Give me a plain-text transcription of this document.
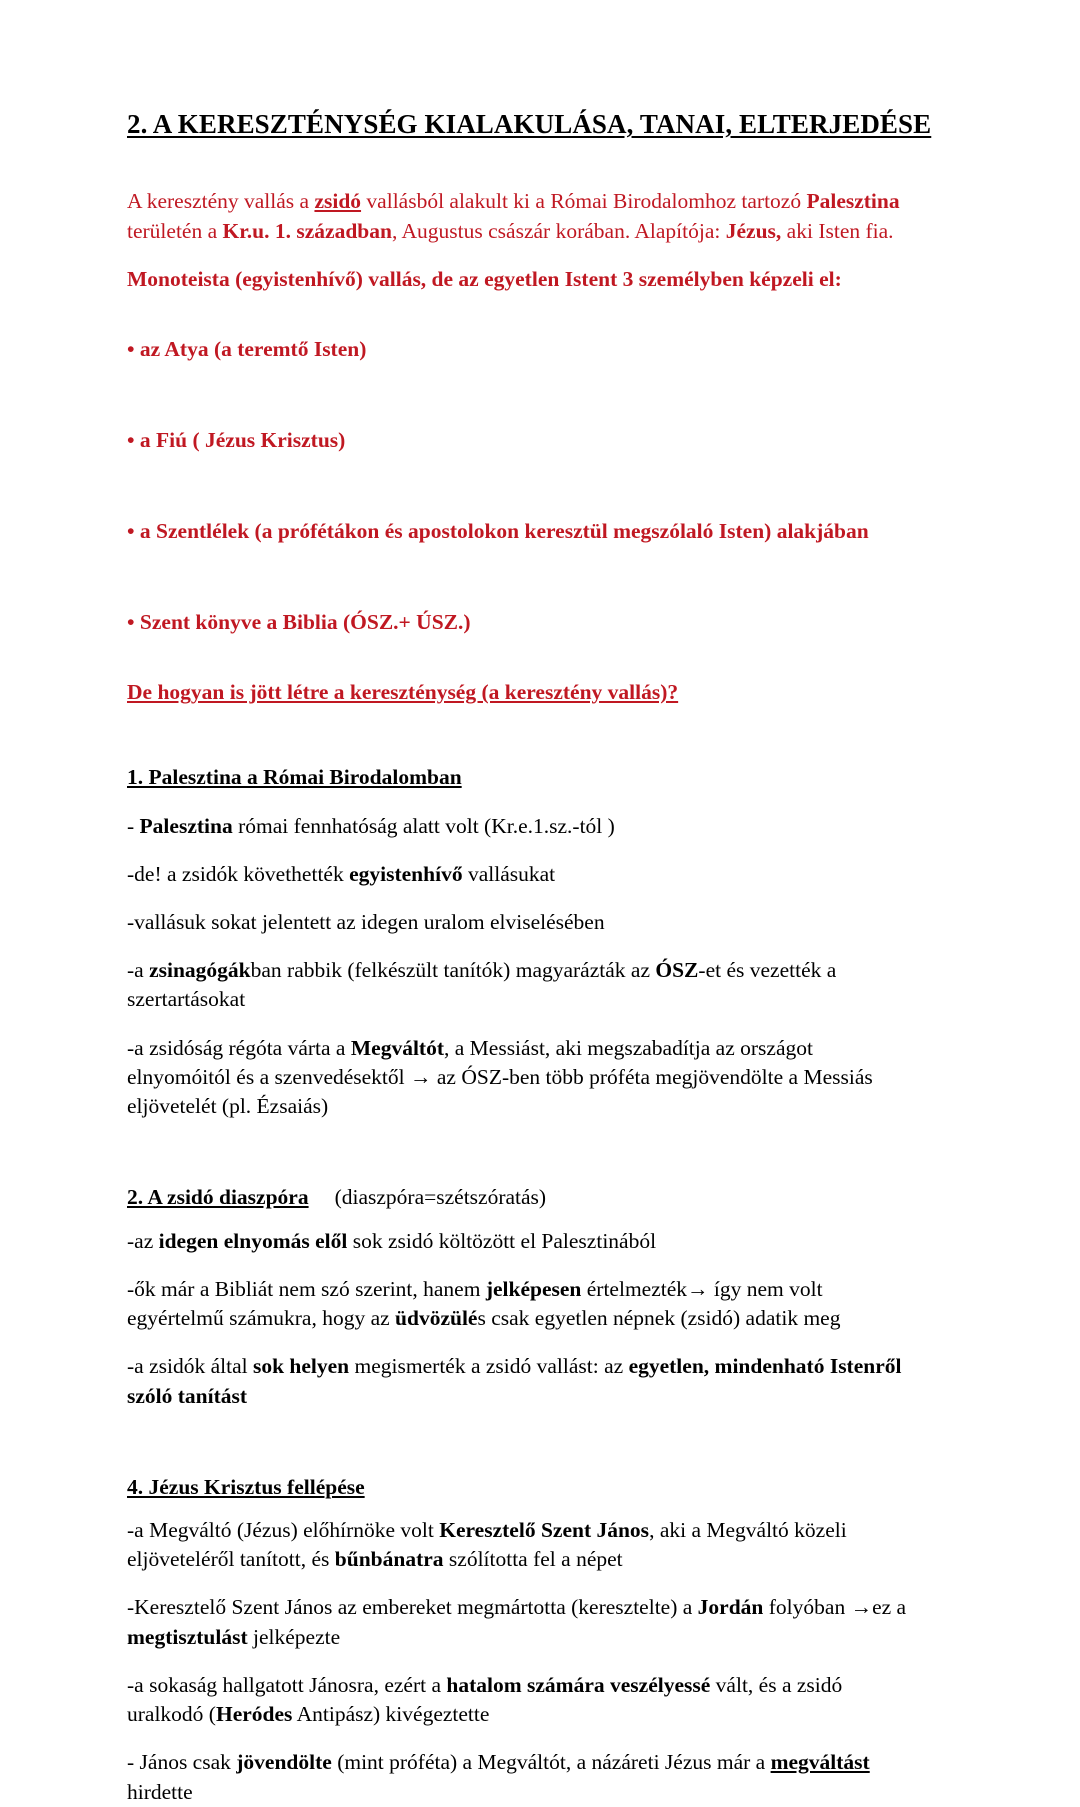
2. A KERESZTÉNYSÉG KIALAKULÁSA, TANAI, ELTERJEDÉSE

A keresztény vallás a zsidó vallásból alakult ki a Római Birodalomhoz tartozó Palesztina területén a Kr.u. 1. században, Augustus császár korában. Alapítója: Jézus, aki Isten fia.

Monoteista (egyistenhívő) vallás, de az egyetlen Istent 3 személyben képzeli el:

• az Atya (a teremtő Isten)

• a Fiú ( Jézus Krisztus)

• a Szentlélek (a prófétákon és apostolokon keresztül megszólaló Isten) alakjában

• Szent könyve a Biblia (ÓSZ.+ ÚSZ.)

De hogyan is jött létre a kereszténység (a keresztény vallás)?

1. Palesztina a Római Birodalomban

- Palesztina római fennhatóság alatt volt (Kr.e.1.sz.-tól )

-de! a zsidók követhették egyistenhívő vallásukat

-vallásuk sokat jelentett az idegen uralom elviselésében

-a zsinagógákban rabbik (felkészült tanítók) magyarázták az ÓSZ-et és vezették a szertartásokat

-a zsidóság régóta várta a Megváltót, a Messiást, aki megszabadítja az országot elnyomóitól és a szenvedésektől → az ÓSZ-ben több próféta megjövendölte a Messiás eljövetelét (pl. Ézsaiás)

2. A zsidó diaszpóra (diaszpóra=szétszóratás)

-az idegen elnyomás elől sok zsidó költözött el Palesztinából

-ők már a Bibliát nem szó szerint, hanem jelképesen értelmezték→ így nem volt egyértelmű számukra, hogy az üdvözülés csak egyetlen népnek (zsidó) adatik meg

-a zsidók által sok helyen megismerték a zsidó vallást: az egyetlen, mindenható Istenről szóló tanítást

4. Jézus Krisztus fellépése

-a Megváltó (Jézus) előhírnöke volt Keresztelő Szent János, aki a Megváltó közeli eljöveteléről tanított, és bűnbánatra szólította fel a népet

-Keresztelő Szent János az embereket megmártotta (keresztelte) a Jordán folyóban →ez a megtisztulást jelképezte

-a sokaság hallgatott Jánosra, ezért a hatalom számára veszélyessé vált, és a zsidó uralkodó (Heródes Antipász) kivégeztette

- János csak jövendölte (mint próféta) a Megváltót, a názáreti Jézus már a megváltást hirdette
